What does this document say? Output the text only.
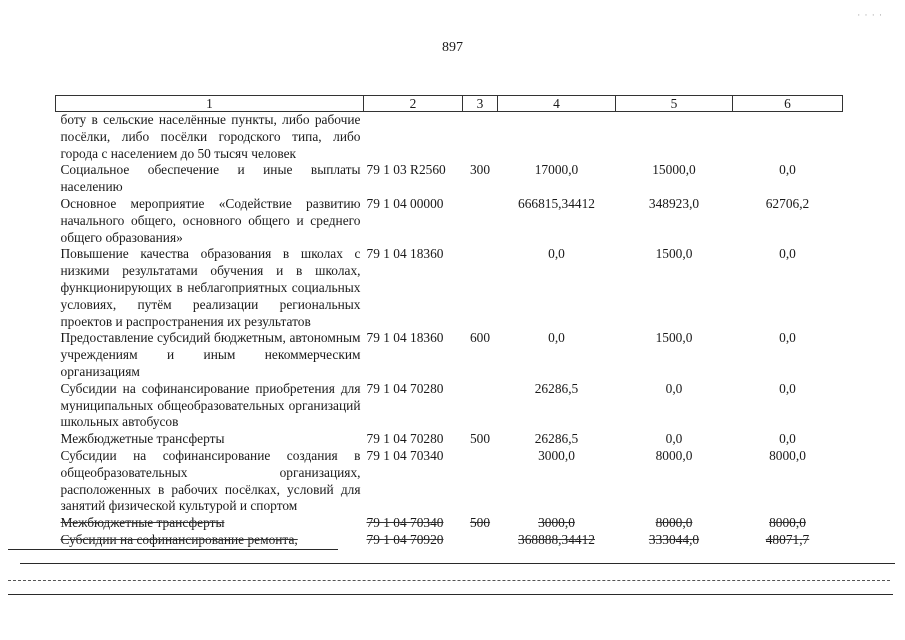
· · · ·
897
1	2	3	4	5	6
боту в сельские населённые пункты, либо рабочие посёлки, либо посёлки городского типа, либо города с населением до 50 тысяч человек					
Социальное обеспечение и иные выплаты населению	79 1 03 R2560	300	17000,0	15000,0	0,0
Основное мероприятие «Содействие развитию начального общего, основного общего и среднего общего образования»	79 1 04 00000		666815,34412	348923,0	62706,2
Повышение качества образования в школах с низкими результатами обучения и в школах, функционирующих в неблагоприятных социальных условиях, путём реализации региональных проектов и распространения их результатов	79 1 04 18360		0,0	1500,0	0,0
Предоставление субсидий бюджетным, автономным учреждениям и иным некоммерческим организациям	79 1 04 18360	600	0,0	1500,0	0,0
Субсидии на софинансирование приобретения для муниципальных общеобразовательных организаций школьных автобусов	79 1 04 70280		26286,5	0,0	0,0
Межбюджетные трансферты	79 1 04 70280	500	26286,5	0,0	0,0
Субсидии на софинансирование создания в общеобразовательных организациях, расположенных в рабочих посёлках, условий для занятий физической культурой и спортом	79 1 04 70340		3000,0	8000,0	8000,0
Межбюджетные трансферты	79 1 04 70340	500	3000,0	8000,0	8000,0
Субсидии на софинансирование ремонта,	79 1 04 70920		368888,34412	333044,0	48071,7
